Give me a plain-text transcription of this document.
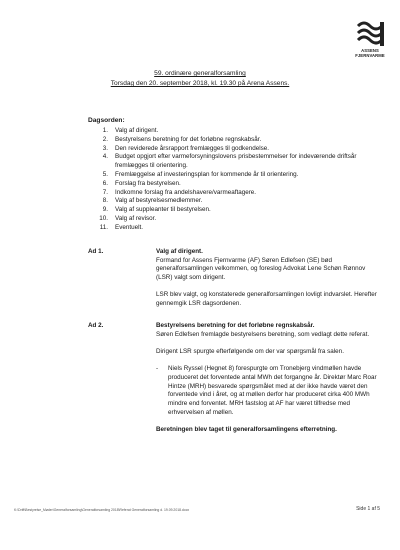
ASSENS
FJERNVARME
59. ordinære generalforsamling
Torsdag den 20. september 2018, kl. 19.30 på Arena Assens.
Dagsorden:
1. Valg af dirigent.
2. Bestyrelsens beretning for det forløbne regnskabsår.
3. Den reviderede årsrapport fremlægges til godkendelse.
4. Budget opgjort efter varmeforsyningslovens prisbestemmelser for indeværende driftsår fremlægges til orientering.
5. Fremlæggelse af investeringsplan for kommende år til orientering.
6. Forslag fra bestyrelsen.
7. Indkomne forslag fra andelshavere/varmeaftagere.
8. Valg af bestyrelsesmedlemmer.
9. Valg af suppleanter til bestyrelsen.
10. Valg af revisor.
11. Eventuelt.
Ad 1.	Valg af dirigent.

Formand for Assens Fjernvarme (AF) Søren Edlefsen (SE) bød generalforsamlingen velkommen, og foreslog Advokat Lene Schøn Rønnov (LSR) valgt som dirigent.

LSR blev valgt, og konstaterede generalforsamlingen lovligt indvarslet. Herefter gennemgik LSR dagsordenen.

Ad 2.	Bestyrelsens beretning for det forløbne regnskabsår.

Søren Edlefsen fremlagde bestyrelsens beretning, som vedlagt dette referat.

Dirigent LSR spurgte efterfølgende om der var spørgsmål fra salen.

- Niels Ryssel (Hegnet 8) forespurgte om Tronebjerg vindmøllen havde produceret det forventede antal MWh det forgangne år. Direktør Marc Roar Hintze (MRH) besvarede spørgsmålet med at der ikke havde været den forventede vind i året, og at møllen derfor har produceret cirka 400 MWh mindre end forventet. MRH fastslog at AF har været tilfredse med erhvervelsen af møllen.

Beretningen blev taget til generalforsamlingens efterretning.

K:\Drift\Bestyrelse_Møder\Generalforsamling\Generalforsamling 2018\Referat Generalforsamling d. 19.09.2018.docx	Side 1 af 5
